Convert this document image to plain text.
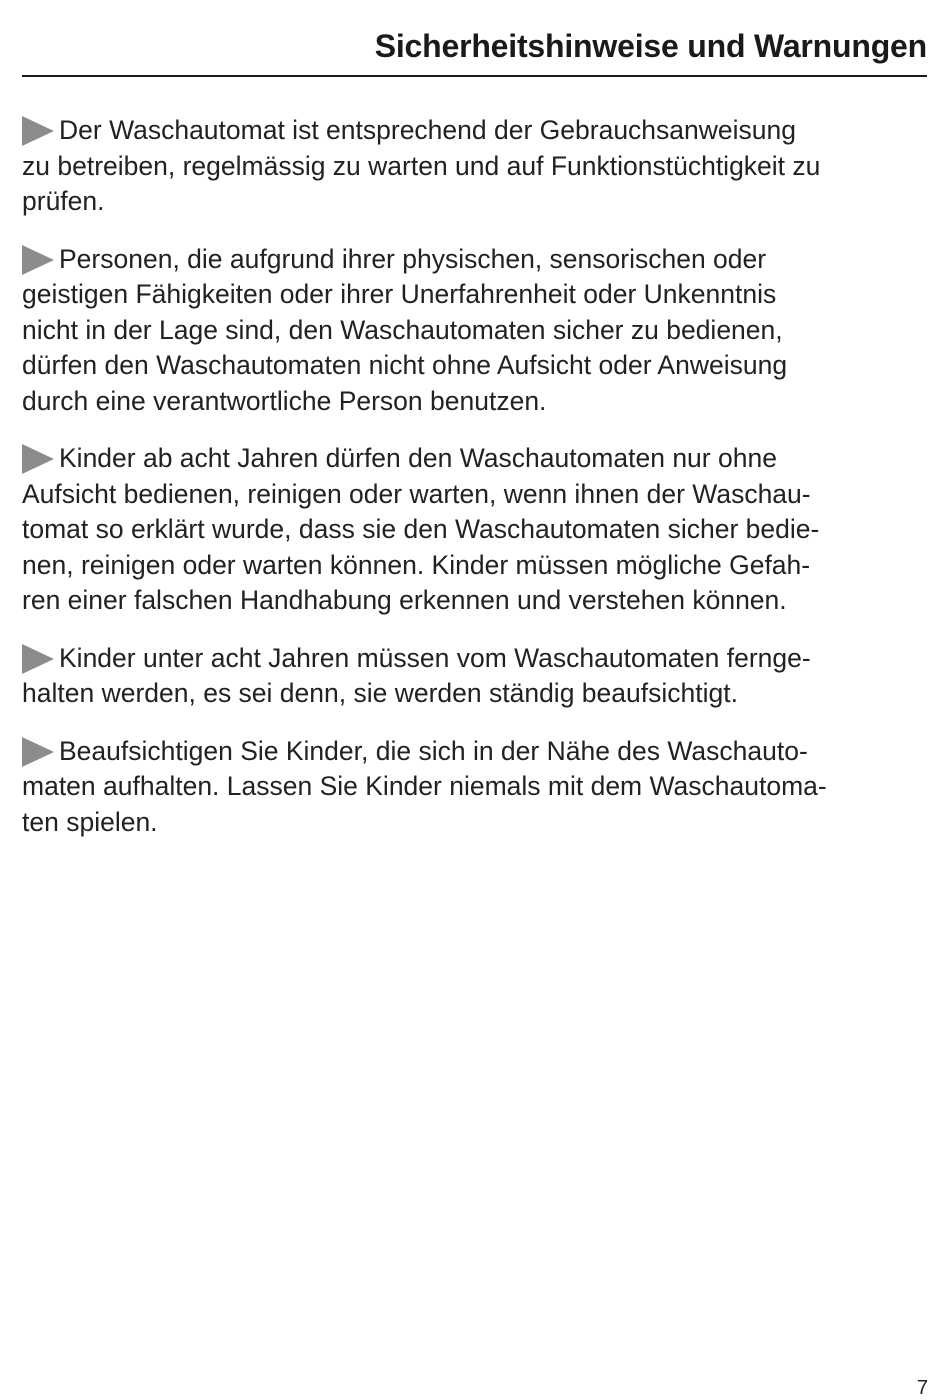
Sicherheitshinweise und Warnungen

Der Waschautomat ist entsprechend der Gebrauchsanweisung
zu betreiben, regelmässig zu warten und auf Funktionstüchtigkeit zu
prüfen.

Personen, die aufgrund ihrer physischen, sensorischen oder
geistigen Fähigkeiten oder ihrer Unerfahrenheit oder Unkenntnis
nicht in der Lage sind, den Waschautomaten sicher zu bedienen,
dürfen den Waschautomaten nicht ohne Aufsicht oder Anweisung
durch eine verantwortliche Person benutzen.

Kinder ab acht Jahren dürfen den Waschautomaten nur ohne
Aufsicht bedienen, reinigen oder warten, wenn ihnen der Waschau-
tomat so erklärt wurde, dass sie den Waschautomaten sicher bedie-
nen, reinigen oder warten können. Kinder müssen mögliche Gefah-
ren einer falschen Handhabung erkennen und verstehen können.

Kinder unter acht Jahren müssen vom Waschautomaten fernge-
halten werden, es sei denn, sie werden ständig beaufsichtigt.

Beaufsichtigen Sie Kinder, die sich in der Nähe des Waschauto-
maten aufhalten. Lassen Sie Kinder niemals mit dem Waschautoma-
ten spielen.

7
